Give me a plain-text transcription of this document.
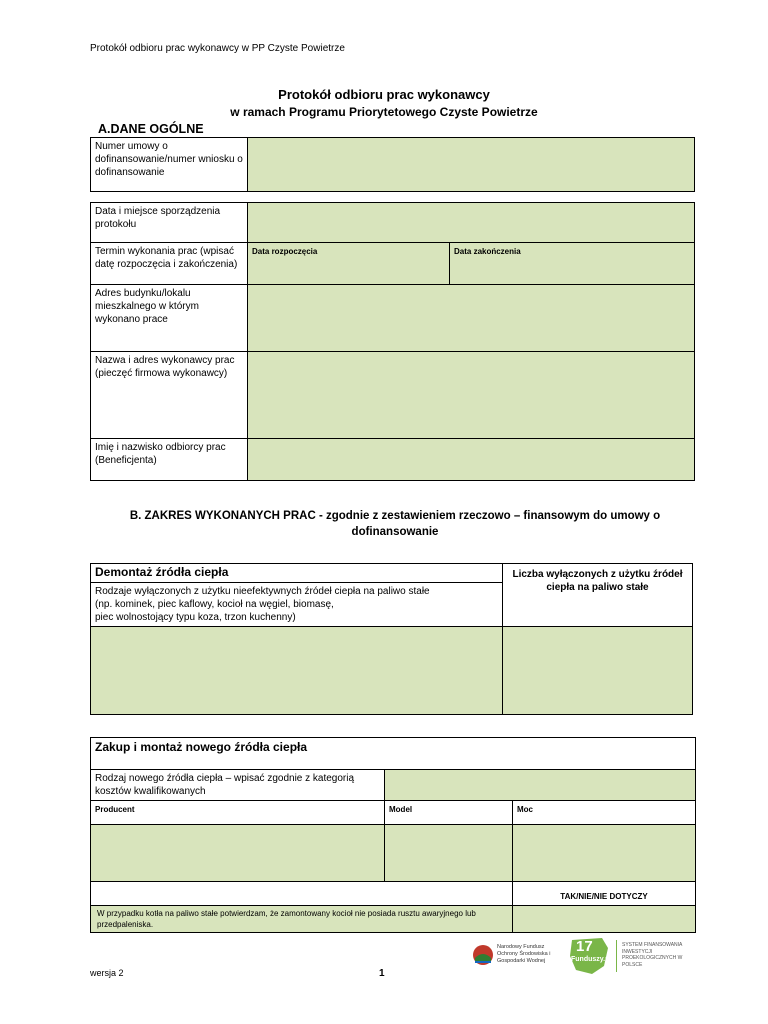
Protokół odbioru prac wykonawcy w PP Czyste Powietrze
Protokół odbioru prac wykonawcy
w ramach Programu Priorytetowego Czyste Powietrze
A.DANE OGÓLNE
Numer umowy o dofinansowanie/numer wniosku o dofinansowanie	
Data i miejsce sporządzenia protokołu		
Termin wykonania prac (wpisać datę rozpoczęcia i zakończenia)	Data rozpoczęcia	Data zakończenia
Adres budynku/lokalu mieszkalnego w którym wykonano prace		
Nazwa i adres wykonawcy prac (pieczęć firmowa wykonawcy)		
Imię i nazwisko odbiorcy prac (Beneficjenta)		
B. ZAKRES WYKONANYCH PRAC - zgodnie z zestawieniem rzeczowo – finansowym do umowy o dofinansowanie
Demontaż źródła ciepła	Liczba wyłączonych z użytku źródeł ciepła na paliwo stałe

Rodzaje wyłączonych z użytku nieefektywnych źródeł ciepła na paliwo stałe
(np. kominek, piec kaflowy, kocioł na węgiel, biomasę,
piec wolnostojący typu koza, trzon kuchenny)	

Zakup i montaż nowego źródła ciepła		
Rodzaj nowego źródła ciepła – wpisać zgodnie z kategorią kosztów kwalifikowanych		
Producent	Model	Moc

		TAK/NIE/NIE DOTYCZY
W przypadku kotła na paliwo stałe potwierdzam, że zamontowany kocioł nie posiada rusztu awaryjnego lub przedpaleniska.		
wersja 2	1
Narodowy Fundusz Ochrony Środowiska i Gospodarki Wodnej
17
Funduszy.pl
SYSTEM FINANSOWANIA INWESTYCJI PROEKOLOGICZNYCH W POLSCE
